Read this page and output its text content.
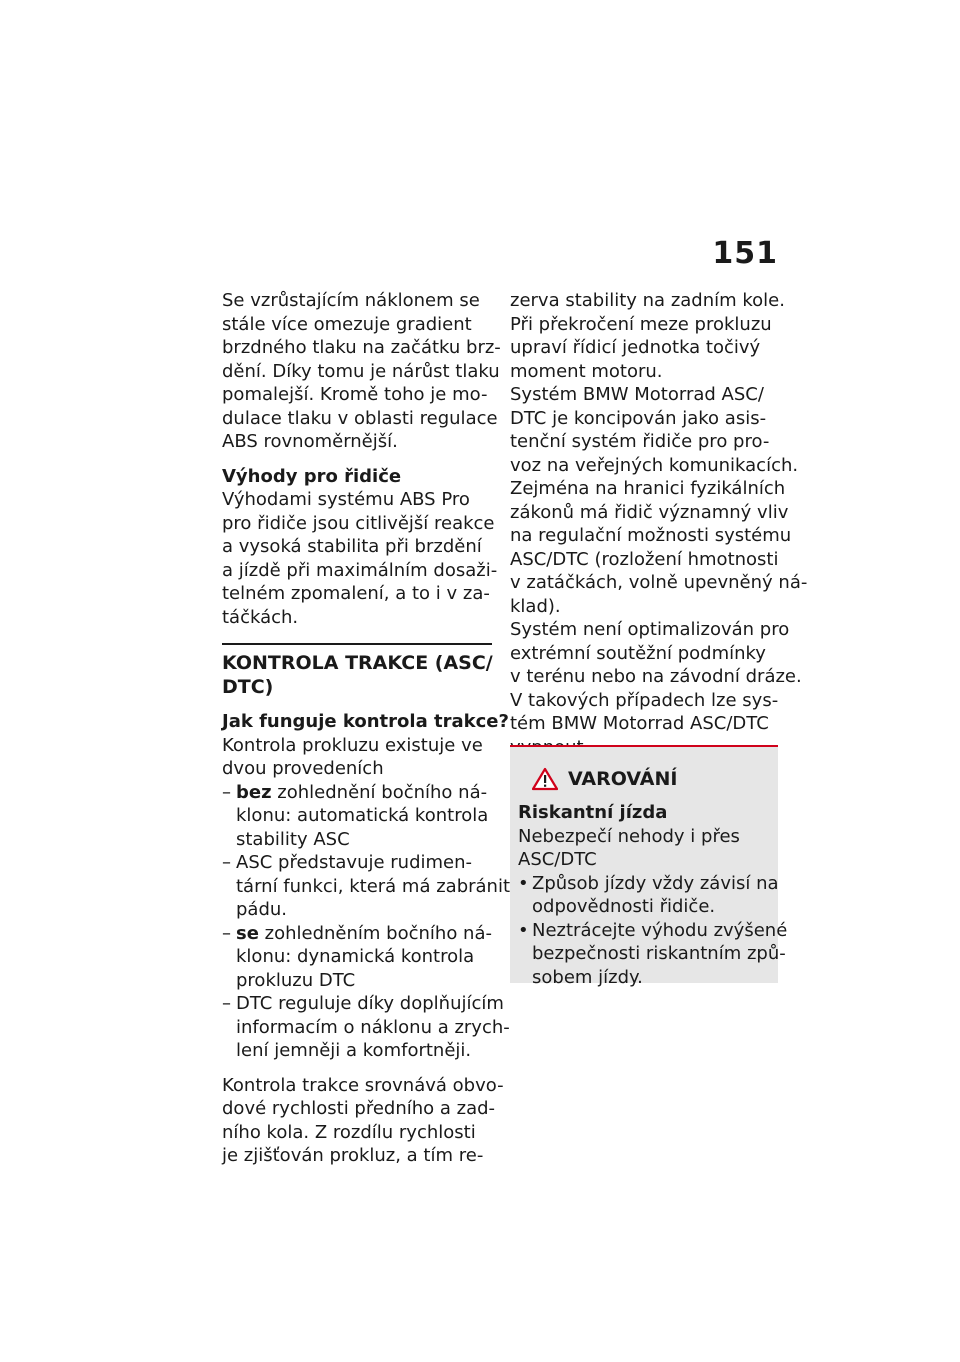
151
Se vzrůstajícím náklonem se
stále více omezuje gradient
brzdného tlaku na začátku brz-
dění. Díky tomu je nárůst tlaku
pomalejší. Kromě toho je mo-
dulace tlaku v oblasti regulace
ABS rovnoměrnější.
Výhody pro řidiče
Výhodami systému ABS Pro
pro řidiče jsou citlivější reakce
a vysoká stabilita při brzdění
a jízdě při maximálním dosaži-
telném zpomalení, a to i v za-
táčkách.
KONTROLA TRAKCE (ASC/
DTC)
Jak funguje kontrola trakce?
Kontrola prokluzu existuje ve
dvou provedeních
– bez zohlednění bočního ná-
klonu: automatická kontrola
stability ASC
– ASC představuje rudimen-
tární funkci, která má zabránit
pádu.
– se zohledněním bočního ná-
klonu: dynamická kontrola
prokluzu DTC
– DTC reguluje díky doplňujícím
informacím o náklonu a zrych-
lení jemněji a komfortněji.
Kontrola trakce srovnává obvo-
dové rychlosti předního a zad-
ního kola. Z rozdílu rychlosti
je zjišťován prokluz, a tím re-
zerva stability na zadním kole.
Při překročení meze prokluzu
upraví řídicí jednotka točivý
moment motoru.
Systém BMW Motorrad ASC/
DTC je koncipován jako asis-
tenční systém řidiče pro pro-
voz na veřejných komunikacích.
Zejména na hranici fyzikálních
zákonů má řidič významný vliv
na regulační možnosti systému
ASC/DTC (rozložení hmotnosti
v zatáčkách, volně upevněný ná-
klad).
Systém není optimalizován pro
extrémní soutěžní podmínky
v terénu nebo na závodní dráze.
V takových případech lze sys-
tém BMW Motorrad ASC/DTC
VAROVÁNÍ
Riskantní jízda
Nebezpečí nehody i přes
ASC/DTC
• Způsob jízdy vždy závisí na
odpovědnosti řidiče.
• Neztrácejte výhodu zvýšené
bezpečnosti riskantním způ-
sobem jízdy.
